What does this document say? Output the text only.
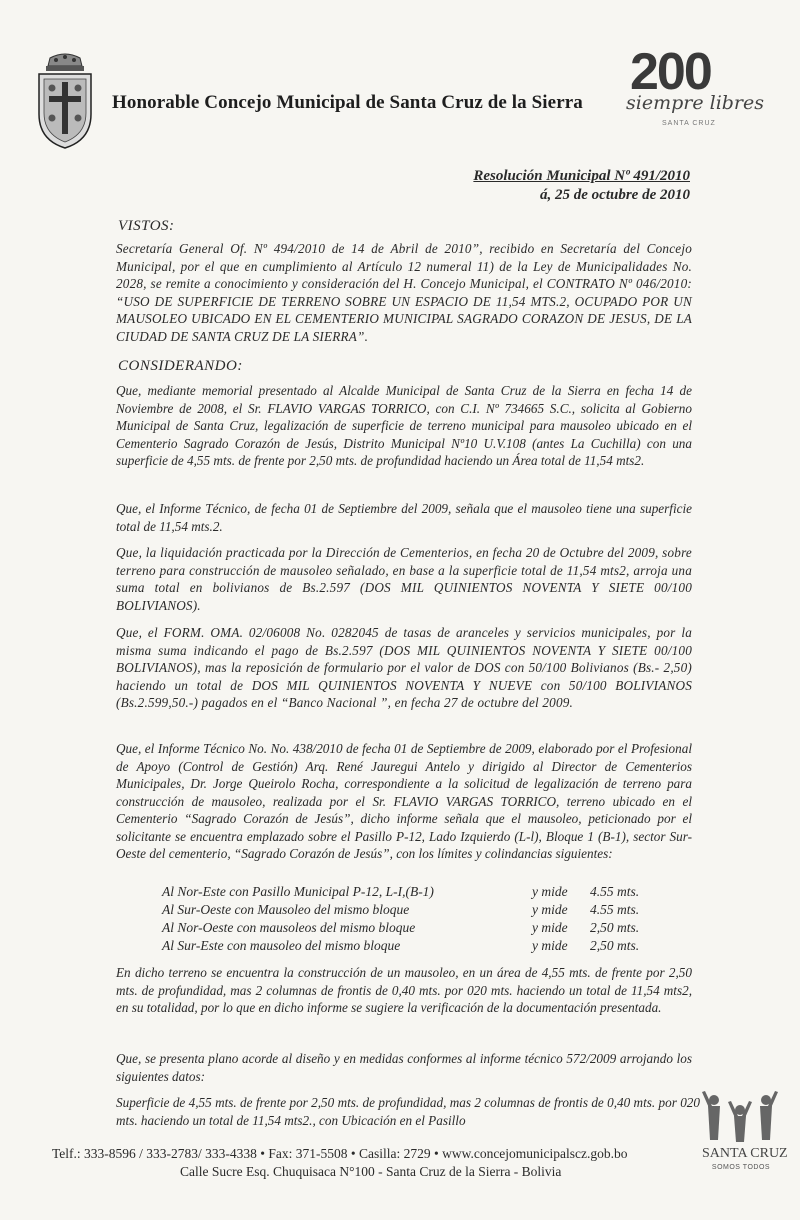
Honorable Concejo Municipal de Santa Cruz de la Sierra
200
siempre libres
SANTA CRUZ
Resolución Municipal Nº 491/2010
á, 25 de octubre de 2010
VISTOS:

Secretaría General Of. Nº 494/2010 de 14 de Abril de 2010”, recibido en Secretaría del Concejo Municipal, por el que en cumplimiento al Artículo 12 numeral 11) de la Ley de Municipalidades No. 2028, se remite a conocimiento y consideración del H. Concejo Municipal, el CONTRATO Nº 046/2010: “USO DE SUPERFICIE DE TERRENO SOBRE UN ESPACIO DE 11,54 MTS.2, OCUPADO POR UN MAUSOLEO UBICADO EN EL CEMENTERIO MUNICIPAL SAGRADO CORAZON DE JESUS, DE LA CIUDAD DE SANTA CRUZ DE LA SIERRA”.

CONSIDERANDO:

Que, mediante memorial presentado al Alcalde Municipal de Santa Cruz de la Sierra en fecha 14 de Noviembre de 2008, el Sr. FLAVIO VARGAS TORRICO, con C.I. Nº 734665 S.C., solicita al Gobierno Municipal de Santa Cruz, legalización de superficie de terreno municipal para mausoleo ubicado en el Cementerio Sagrado Corazón de Jesús, Distrito Municipal Nº10 U.V.108 (antes La Cuchilla) con una superficie de 4,55 mts. de frente por 2,50 mts. de profundidad haciendo un Área total de 11,54 mts2.

Que, el Informe Técnico, de fecha 01 de Septiembre del 2009, señala que el mausoleo tiene una superficie total de 11,54 mts.2.

Que, la liquidación practicada por la Dirección de Cementerios, en fecha 20 de Octubre del 2009, sobre terreno para construcción de mausoleo señalado, en base a la superficie total de 11,54 mts2, arroja una suma total en bolivianos de Bs.2.597 (DOS MIL QUINIENTOS NOVENTA Y SIETE 00/100 BOLIVIANOS).

Que, el FORM. OMA. 02/06008 No. 0282045 de tasas de aranceles y servicios municipales, por la misma suma indicando el pago de Bs.2.597 (DOS MIL QUINIENTOS NOVENTA Y SIETE 00/100 BOLIVIANOS), mas la reposición de formulario por el valor de DOS con 50/100 Bolivianos (Bs.- 2,50) haciendo un total de DOS MIL QUINIENTOS NOVENTA Y NUEVE con 50/100 BOLIVIANOS (Bs.2.599,50.-) pagados en el “Banco Nacional ”, en fecha 27 de octubre del 2009.

Que, el Informe Técnico No. No. 438/2010 de fecha 01 de Septiembre de 2009, elaborado por el Profesional de Apoyo (Control de Gestión) Arq. René Jauregui Antelo y dirigido al Director de Cementerios Municipales, Dr. Jorge Queirolo Rocha, correspondiente a la solicitud de legalización de terreno para construcción de mausoleo, realizada por el Sr. FLAVIO VARGAS TORRICO, terreno ubicado en el Cementerio “Sagrado Corazón de Jesús”, dicho informe señala que el mausoleo, peticionado por el solicitante se encuentra emplazado sobre el Pasillo P-12, Lado Izquierdo (L-l), Bloque 1 (B-1), sector Sur-Oeste del cementerio, “Sagrado Corazón de Jesús”, con los límites y colindancias siguientes:

Al Nor-Este con Pasillo Municipal P-12, L-I,(B-1)	y mide 4.55 mts.
Al Sur-Oeste con Mausoleo del mismo bloque	y mide 4.55 mts.
Al Nor-Oeste con mausoleos del mismo bloque	y mide 2,50 mts.
Al Sur-Este con mausoleo del mismo bloque	y mide 2,50 mts.

En dicho terreno se encuentra la construcción de un mausoleo, en un área de 4,55 mts. de frente por 2,50 mts. de profundidad, mas 2 columnas de frontis de 0,40 mts. por 020 mts. haciendo un total de 11,54 mts2, en su totalidad, por lo que en dicho informe se sugiere la verificación de la documentación presentada.

Que, se presenta plano acorde al diseño y en medidas conformes al informe técnico 572/2009 arrojando los siguientes datos:

Superficie de 4,55 mts. de frente por 2,50 mts. de profundidad, mas 2 columnas de frontis de 0,40 mts. por 020 mts. haciendo un total de 11,54 mts2., con Ubicación en el Pasillo

SANTA CRUZ
SOMOS TODOS
Telf.: 333-8596 / 333-2783/ 333-4338 • Fax: 371-5508 • Casilla: 2729 • www.concejomunicipalscz.gob.bo
Calle Sucre Esq. Chuquisaca N°100 - Santa Cruz de la Sierra - Bolivia
